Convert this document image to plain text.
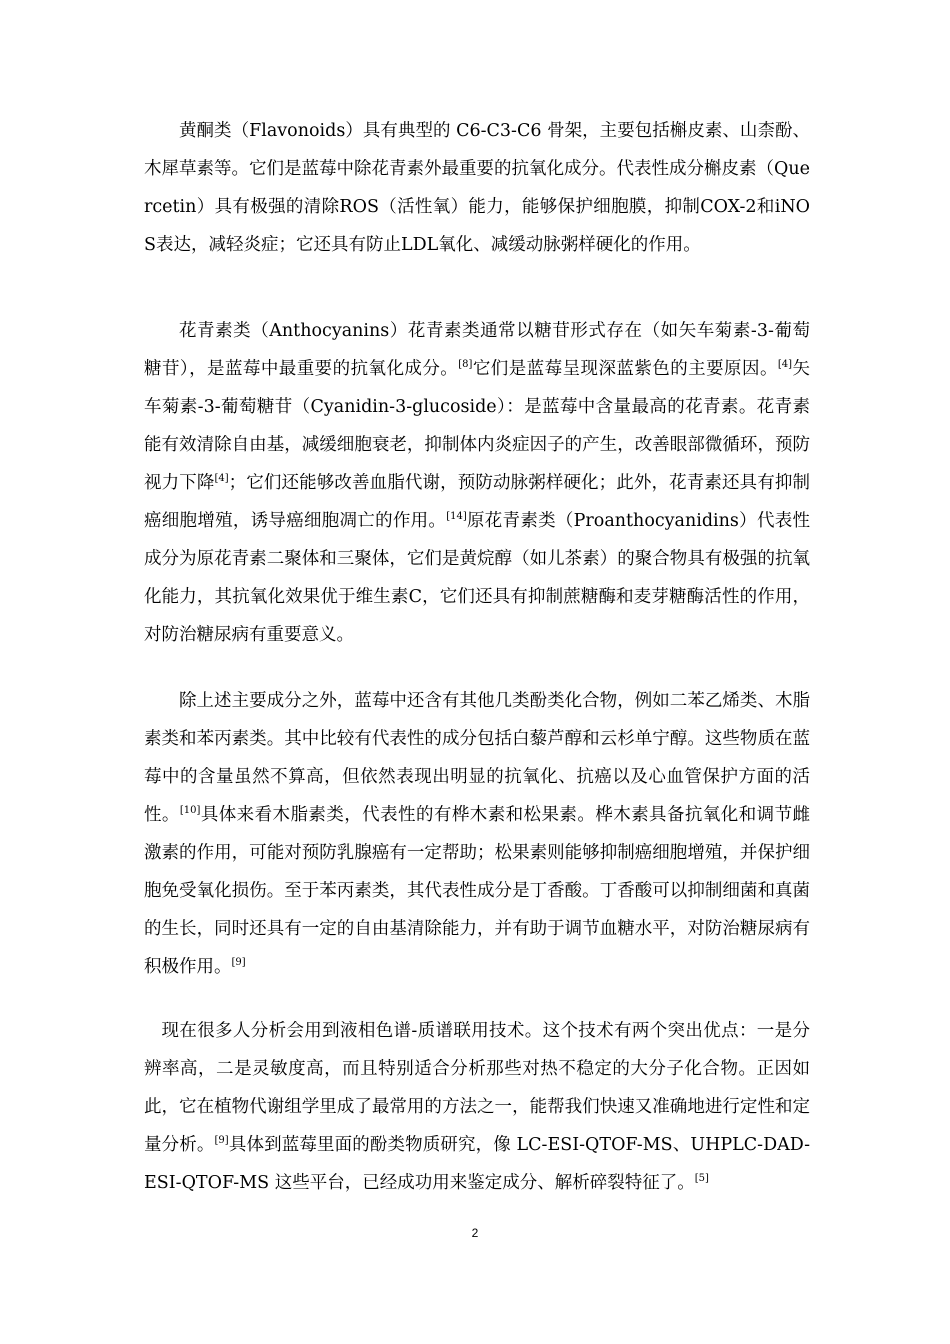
黄酮类（Flavonoids）具有典型的 C6-C3-C6 骨架，主要包括槲皮素、山柰酚、木犀草素等。它们是蓝莓中除花青素外最重要的抗氧化成分。代表性成分槲皮素（Quercetin）具有极强的清除ROS（活性氧）能力，能够保护细胞膜，抑制COX-2和iNOS表达，减轻炎症；它还具有防止LDL氧化、减缓动脉粥样硬化的作用。

花青素类（Anthocyanins）花青素类通常以糖苷形式存在（如矢车菊素-3-葡萄糖苷），是蓝莓中最重要的抗氧化成分。[8]它们是蓝莓呈现深蓝紫色的主要原因。[4]矢车菊素-3-葡萄糖苷（Cyanidin-3-glucoside）：是蓝莓中含量最高的花青素。花青素能有效清除自由基，减缓细胞衰老，抑制体内炎症因子的产生，改善眼部微循环，预防视力下降[4]；它们还能够改善血脂代谢，预防动脉粥样硬化；此外，花青素还具有抑制癌细胞增殖，诱导癌细胞凋亡的作用。[14]原花青素类（Proanthocyanidins）代表性成分为原花青素二聚体和三聚体，它们是黄烷醇（如儿茶素）的聚合物具有极强的抗氧化能力，其抗氧化效果优于维生素C，它们还具有抑制蔗糖酶和麦芽糖酶活性的作用，对防治糖尿病有重要意义。

除上述主要成分之外，蓝莓中还含有其他几类酚类化合物，例如二苯乙烯类、木脂素类和苯丙素类。其中比较有代表性的成分包括白藜芦醇和云杉单宁醇。这些物质在蓝莓中的含量虽然不算高，但依然表现出明显的抗氧化、抗癌以及心血管保护方面的活性。[10]具体来看木脂素类，代表性的有桦木素和松果素。桦木素具备抗氧化和调节雌激素的作用，可能对预防乳腺癌有一定帮助；松果素则能够抑制癌细胞增殖，并保护细胞免受氧化损伤。至于苯丙素类，其代表性成分是丁香酸。丁香酸可以抑制细菌和真菌的生长，同时还具有一定的自由基清除能力，并有助于调节血糖水平，对防治糖尿病有积极作用。[9]

现在很多人分析会用到液相色谱-质谱联用技术。这个技术有两个突出优点：一是分辨率高，二是灵敏度高，而且特别适合分析那些对热不稳定的大分子化合物。正因如此，它在植物代谢组学里成了最常用的方法之一，能帮我们快速又准确地进行定性和定量分析。[9]具体到蓝莓里面的酚类物质研究，像 LC-ESI-QTOF-MS、UHPLC-DAD-ESI-QTOF-MS 这些平台，已经成功用来鉴定成分、解析碎裂特征了。[5]

2
